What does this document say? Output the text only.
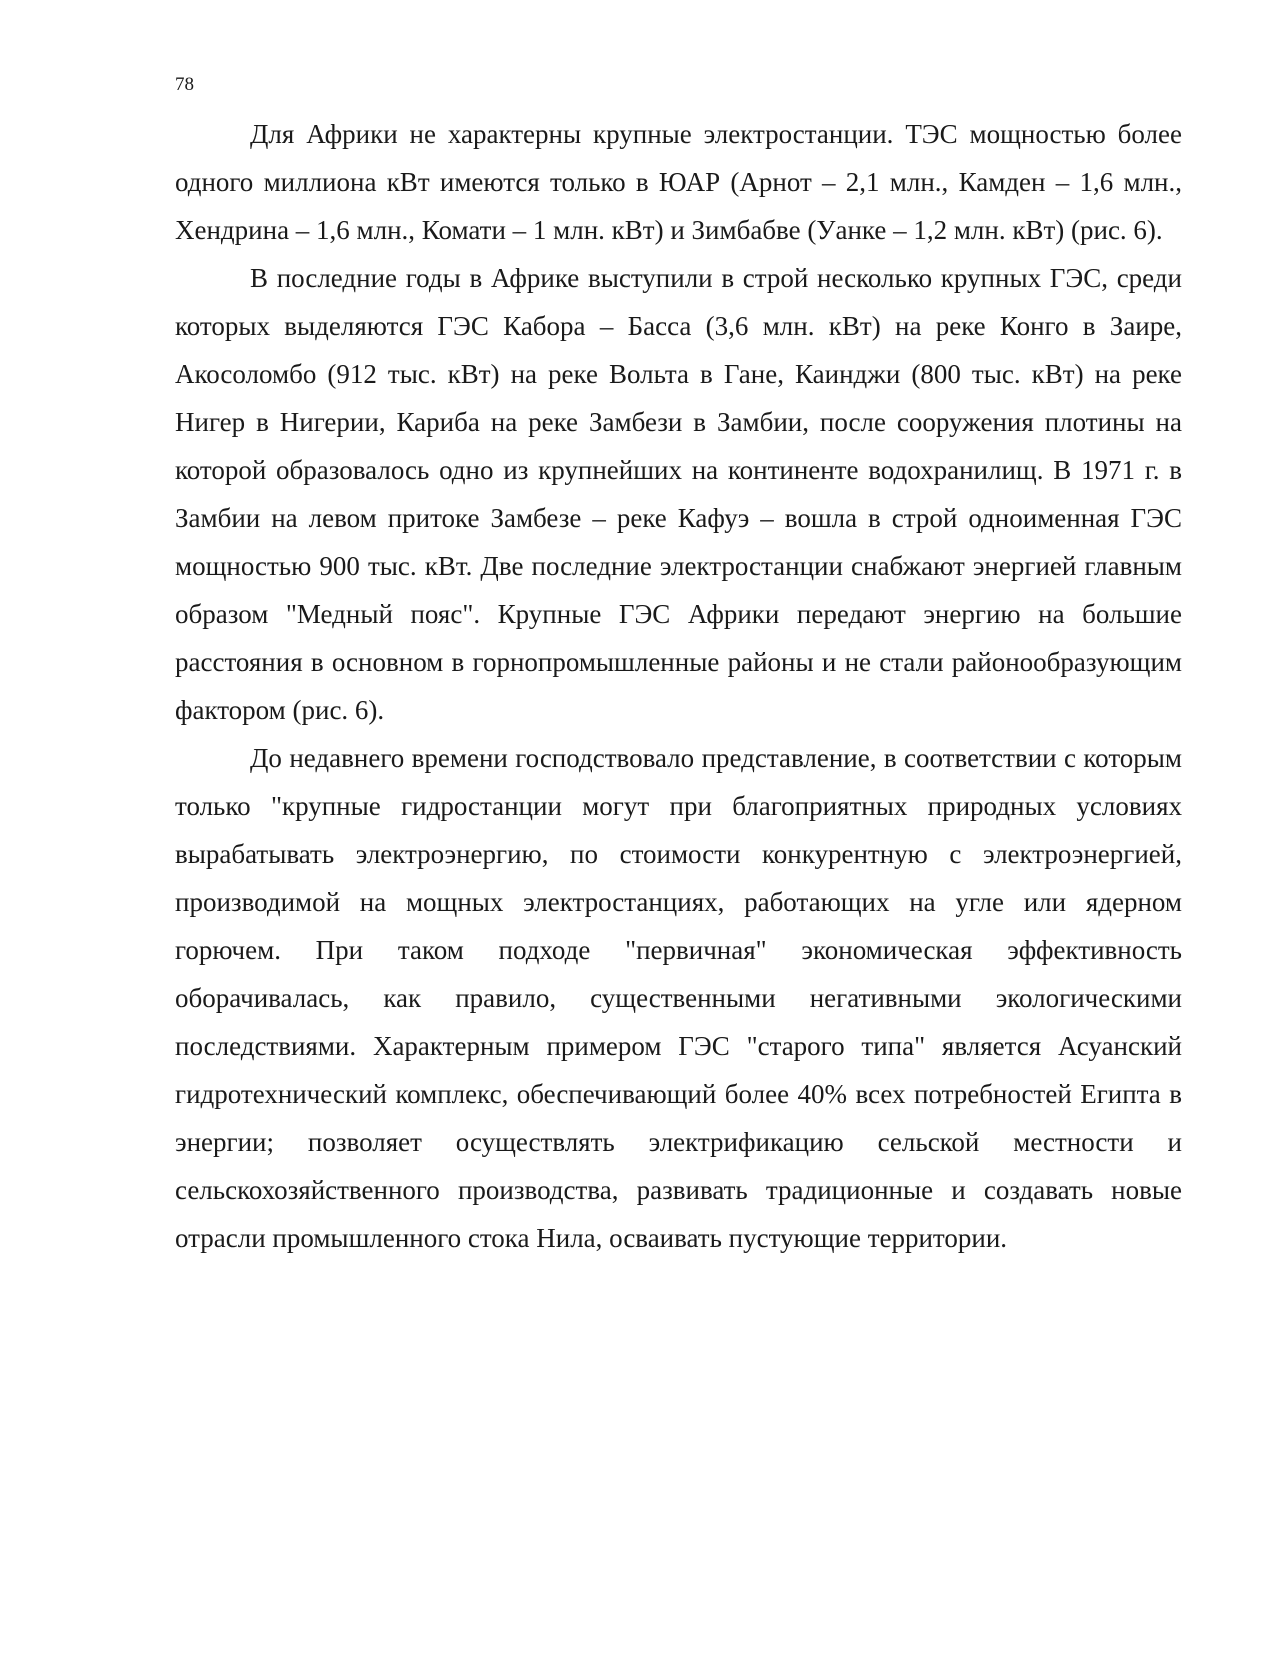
78

Для Африки не характерны крупные электростанции. ТЭС мощностью более одного миллиона кВт имеются только в ЮАР (Арнот – 2,1 млн., Камден – 1,6 млн., Хендрина – 1,6 млн., Комати – 1 млн. кВт) и Зимбабве (Уанке – 1,2 млн. кВт) (рис. 6).

В последние годы в Африке выступили в строй несколько крупных ГЭС, среди которых выделяются ГЭС Кабора – Басса (3,6 млн. кВт) на реке Конго в Заире, Акосоломбо (912 тыс. кВт) на реке Вольта в Гане, Каинджи (800 тыс. кВт) на реке Нигер в Нигерии, Кариба на реке Замбези в Замбии, после сооружения плотины на которой образовалось одно из крупнейших на континенте водохранилищ. В 1971 г. в Замбии на левом притоке Замбезе – реке Кафуэ – вошла в строй одноименная ГЭС мощностью 900 тыс. кВт. Две последние электростанции снабжают энергией главным образом "Медный пояс". Крупные ГЭС Африки передают энергию на большие расстояния в основном в горнопромышленные районы и не стали районообразующим фактором (рис. 6).

До недавнего времени господствовало представление, в соответствии с которым только "крупные гидростанции могут при благоприятных природных условиях вырабатывать электроэнергию, по стоимости конкурентную с электроэнергией, производимой на мощных электростанциях, работающих на угле или ядерном горючем. При таком подходе "первичная" экономическая эффективность оборачивалась, как правило, существенными негативными экологическими последствиями. Характерным примером ГЭС "старого типа" является Асуанский гидротехнический комплекс, обеспечивающий более 40% всех потребностей Египта в энергии; позволяет осуществлять электрификацию сельской местности и сельскохозяйственного производства, развивать традиционные и создавать новые отрасли промышленного стока Нила, осваивать пустующие территории.
